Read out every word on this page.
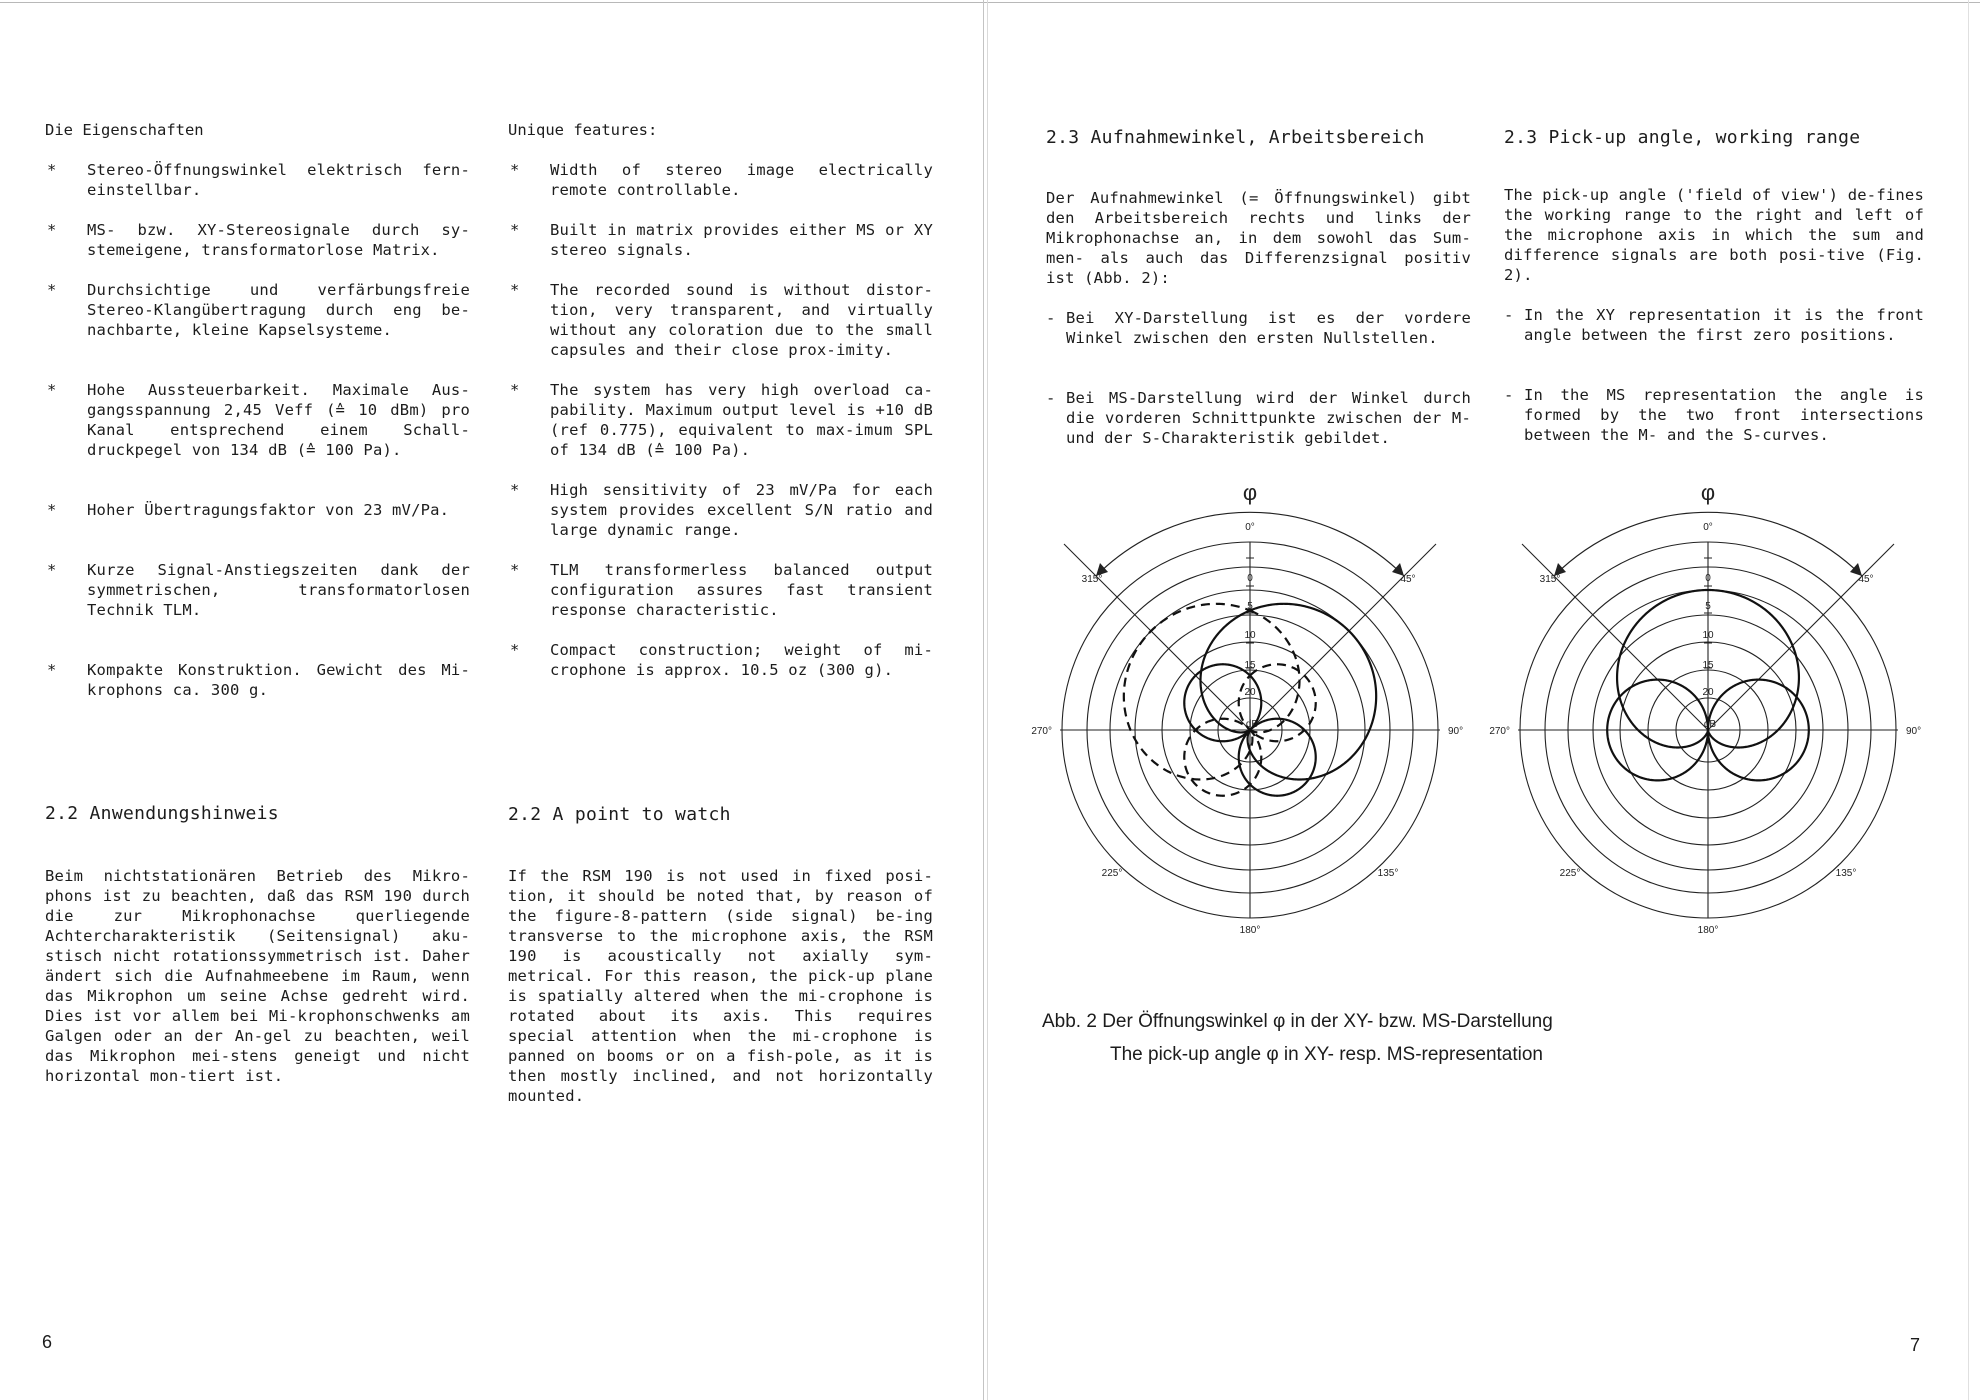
Die Eigenschaften	Unique features:
*	Stereo-Öffnungswinkel elektrisch fern-einstellbar.
*	MS- bzw. XY-Stereosignale durch sy-stemeigene, transformatorlose Matrix.
*	Durchsichtige und verfärbungsfreie Stereo-Klangübertragung durch eng be-nachbarte, kleine Kapselsysteme.
*	Hohe Aussteuerbarkeit. Maximale Aus-gangsspannung 2,45 Veff (≙ 10 dBm) pro Kanal entsprechend einem Schall-druckpegel von 134 dB (≙ 100 Pa).
*	Hoher Übertragungsfaktor von 23 mV/Pa.
*	Kurze Signal-Anstiegszeiten dank der symmetrischen, transformatorlosen Technik TLM.
*	Kompakte Konstruktion. Gewicht des Mi-krophons ca. 300 g.
*	Width of stereo image electrically remote controllable.
*	Built in matrix provides either MS or XY stereo signals.
*	The recorded sound is without distor-tion, very transparent, and virtually without any coloration due to the small capsules and their close prox-imity.
*	The system has very high overload ca-pability. Maximum output level is +10 dB (ref 0.775), equivalent to max-imum SPL of 134 dB (≙ 100 Pa).
*	High sensitivity of 23 mV/Pa for each system provides excellent S/N ratio and large dynamic range.
*	TLM transformerless balanced output configuration assures fast transient response characteristic.
*	Compact construction; weight of mi-crophone is approx. 10.5 oz (300 g).
2.2 Anwendungshinweis	2.2 A point to watch
Beim nichtstationären Betrieb des Mikro-phons ist zu beachten, daß das RSM 190 durch die zur Mikrophonachse querliegende Achtercharakteristik (Seitensignal) aku-stisch nicht rotationssymmetrisch ist. Daher ändert sich die Aufnahmeebene im Raum, wenn das Mikrophon um seine Achse gedreht wird. Dies ist vor allem bei Mi-krophonschwenks am Galgen oder an der An-gel zu beachten, weil das Mikrophon mei-stens geneigt und nicht horizontal mon-tiert ist.
If the RSM 190 is not used in fixed posi-tion, it should be noted that, by reason of the figure-8-pattern (side signal) be-ing transverse to the microphone axis, the RSM 190 is acoustically not axially sym-metrical. For this reason, the pick-up plane is spatially altered when the mi-crophone is rotated about its axis. This requires special attention when the mi-crophone is panned on booms or on a fish-pole, as it is then mostly inclined, and not horizontally mounted.
6
2.3 Aufnahmewinkel, Arbeitsbereich	2.3 Pick-up angle, working range
Der Aufnahmewinkel (= Öffnungswinkel) gibt den Arbeitsbereich rechts und links der Mikrophonachse an, in dem sowohl das Sum-men- als auch das Differenzsignal positiv ist (Abb. 2):
- Bei XY-Darstellung ist es der vordere Winkel zwischen den ersten Nullstellen.
- Bei MS-Darstellung wird der Winkel durch die vorderen Schnittpunkte zwischen der M- und der S-Charakteristik gebildet.
The pick-up angle ('field of view') de-fines the working range to the right and left of the microphone axis in which the sum and difference signals are both posi-tive (Fig. 2).
- In the XY representation it is the front angle between the first zero positions.
- In the MS representation the angle is formed by the two front intersections between the M- and the S-curves.
φ
0°
45°
90°
135°
180°
225°
270°
315°	0
5
10
15
20
dB
φ
0°
45°
90°
135°
180°
225°
270°
315°	0
5
10
15
20
dB
Abb. 2 Der Öffnungswinkel φ in der XY- bzw. MS-Darstellung
The pick-up angle φ in XY- resp. MS-representation
7
